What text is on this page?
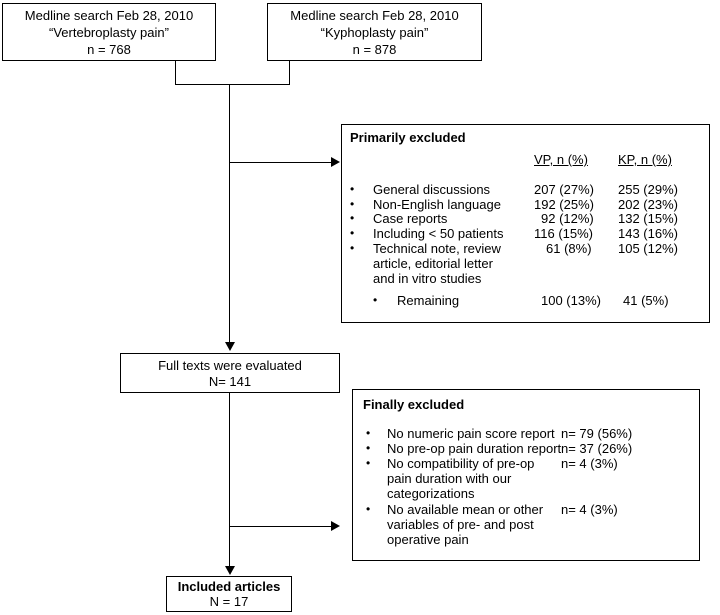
Medline search Feb 28, 2010
“Vertebroplasty pain”
n = 768
Medline search Feb 28, 2010
“Kyphoplasty pain”
n = 878
Primarily excluded
VP, n (%) KP, n (%)
• General discussions	207 (27%) 255 (29%)
• Non-English language	192 (25%) 202 (23%)
• Case reports	92 (12%) 132 (15%)
• Including < 50 patients 116 (15%) 143 (16%)
• Technical note, review
article, editorial letter
and in vitro studies
61 (8%) 105 (12%)
• Remaining	100 (13%) 41 (5%)
Full texts were evaluated
N= 141
Finally excluded
• No numeric pain score report n= 79 (56%)
• No pre-op pain duration report n= 37 (26%)
• No compatibility of pre-op
pain duration with our
categorizations
n= 4 (3%)
• No available mean or other
variables of pre- and post
operative pain
n= 4 (3%)
Included articles
N = 17
